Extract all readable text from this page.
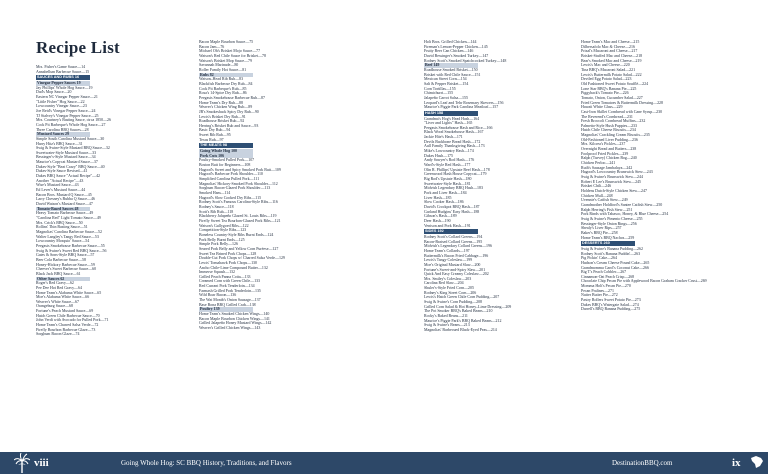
Recipe List
Mrs. Fisher's Game Sauce—14
Annabelhan Barbecue Sauce—15
SAUCES AND RUBS 16
Vinegar Pepper Sauces 19
Jay Phillips' Whole Hog Sauce—19
Dad's Mop Sauce—20
Eastern NC Vinegar Pepper Sauce—21
"Little Fisher" Hog Sauce—22
Lowcountry Vinegar Sauce—23
Joe Reid's Vinegar Pepper Sauce—24
TJ Stalvey's Vinegar Pepper Sauce—25
Mrs. Courtney's Basting Sauce, circa 1850—26
Cock Pit Barbeque's Whole Hog Sauce—27
Three Carolina BBQ Sauces—28
Mustard Sauces 29
Simple South Carolina Mustard Sauce—30
Harry Hitz's BBQ Sauce—31
Swig & Swine-Style Mustard BBQ Sauce—32
Sweetwater-Style Mustard Sauce—33
Bessinger's-Style Mustard Sauce—34
Maurice's Copycat Mustard Sauce—37
Dukes-Style "Beat Crazy" BBQ Sauce—40
Dukes-Style Sauce Revised—41
Dukes BBQ Sauce "Actual Recipe"—42
Another "Actual Recipe"—43
Wise's Mustard Sauce—43
Ed Lever's Mustard Sauce—44
Bacon Bros. Mustard Q Sauce—45
Larry Chesney's Bubba Q Sauce—46
David Watson's Mustard Sauce—47
Tomato-Based Sauces 48
Heavy Tomato Barbecue Sauce—49
"Carolina Red" Light Tomato Sauce—49
Mrs. Crick's BBQ Sauce—50
Rollins' Thin Basting Sauce—51
Magnolias' Carolina Barbecue Sauce—52
Walter Langley's Tangy Red Sauce—53
Lowcountry Mosquio' Sauce—54
Peegasis Smokehouse Barbecue Sauce—55
Swig & Swine's Sweet Red BBQ Sauce—56
Gates & Sons-Style BBQ Sauce—57
Beer Cola Barbecue Sauce—58
Honey-Hickory Barbecue Sauce—59
Cheever's Sweet Barbecue Sauce—60
Black Jack BBQ Sauce—61
Other Sauces 62
Roger's Red Gravy—62
Pee Dee Hot Red Gravy—64
Home Team's Alabama White Sauce—65
Moe's Alabama White Sauce—66
Weaver's White Sauce—67
Orangeburg Sauce—68
Fortune's Peach Mustard Sauce—69
Hatch Green Chile Barbecue Sauce—70
John Verdi with Avocado for Pulled Pork—71
Home Team's Charred Salsa Verde—72
Firefly Bourbon Barbecue Glaze—73
Sorghum Bacon Glaze—74
Bacon Maple Bourbon Sauce—75
Bacon Jam—76
Michael Oh's Brisket Mojo Sauce—77
Watson's Red Chile Sauce for Brisket—78
Watson's Brisket Mop Sauce—79
Savannah Marinade—80
Roller Family Hot Sauce—81
Rubs 82
Watson–Head Rib Rub—83
Blackfish Barbecue Dry Rub—84
Cock Pit Barbeque's Rub—85
Rosa's 14-Spice Dry Rub—86
Peegasis Smokehouse Barbecue Rub—87
Home Team's Dry Rub—88
Weaver's Chicken Wing Rub—89
JB's Smokeshack Spicy Dry Rub—90
Lewis's Brisket Dry Rub—91
Roadhouse Brisket Rub—92
Herring's Brisket Rub and Sauce—93
Basic Dry Rub—94
Sweet Rib Rub—95
Texas Rub—97
THE MEATS 98
Going Whole Hog 100
Pork Cuts 106
Poultry-Smoked Pulled Pork—107
Boston Butt for Beginners—108
Hagood's Sweet and Spicy Smoked Pork Butt—109
Hagood's Barbecue Pork Shoulder—110
Simplified Carolina Pulled Pork—111
Magnolias' Hickory-Smoked Pork Shoulder—112
Sorghum Bacon-Glazed Pork Shoulder—113
Smoked Ham—114
Hagood's Slow Cooked Dry Ribs—115
Rodney Scott's Famous Carolina-Style Ribs—116
Rodney's Sauce—118
Scott's Rib Rub—118
Blackberry Jalapeño Glazed St. Louis Ribs—119
Firefly Sweet Tea Bourbon-Glazed Pork Ribs—121
Watson's Gullygoed Ribs—122
Competition-Style Ribs—123
Boneless Country-Style Ribs Burnt Ends—124
Pork Belly Burnt Ends—125
Simple Pork Belly—126
Seared Pork Belly and Yellow Corn Puréese—127
Sweet Tea Brined Pork Chops—128
Double-Cut Pork Chops w/ Charred Salsa Verde—129
Lewis' Tomahawk Pork Chops—130
Ancho Chile-Lime Compound Butter—132
Immerse Squash—132
Grilled Peach Panna Cotta—133
Creamed Corn with Green Chile—133
Red Currant Pork Tenderloin—134
Farmash Grilled Pork Tenderloin—135
Wild Boar Bacon—136
The Wat Montb's Onion Sausage—137
Base Bona BBQ Grilled Crab—138
Poultry 139
Home Team's Smoked Chicken Wings—140
Bacon Maple Bourbon Chicken Wings—141
Grilled Jalapeño Honey Mustard Wings—142
Weaver's Grilled Chicken Wings—143
Holt Bros. Grilled Chicken—144
Fireman's Lemon-Pepper Chicken—145
Fruity Beer Can Chicken—146
David Bessinger's Smoked Turkey—147
Rodney Scott's Smoked Spatchcocked Turkey—148
Beef 149
Roadhouse Smoked Brisket—150
Brisket with Red Chile Sauce—151
Mexican Street Corn—154
Salt & Pepper Brisket—154
Corn Tortillas—155
Chimichurri—155
Jalapeño Carrot Salsa—155
Leopard's Leaf and Tehr Rosemary Skewers—156
Maurice's Piggie Park Carolina Meatloaf—157
HASH 158
Grandma's Hog's Head Hash—164
"Liver and Lights" Hash—165
Peegasis Smokehouse Hash and Rice—166
Black Wood Smokehouse Hash—167
Jackie Hite's Hash—171
Devils Backbone Bread Hash—172
Aull Family Thanksgiving Hash—173
Mike's Lowcountry Hash—174
Dukes Hash—175
Andy Sawyer's Rod Hash—176
Ward's-Style Red Hash—177
Olin R. Phillips' Upstate Beef Hash—178
Greenwood Hash House Copycat—179
Big Rod's Upstate Hash—180
Sweetwater-Style Hash—181
Midvish Legendary BBQ Hash—183
Pork and Liver Hash—184
Liver Hash—185
Slow Cooker Hash—186
David's Crockpot BBQ Hash—187
Garland Hudgins' Easy Hash—188
Gibson's Hash—189
Deer Hash—190
Venison and Pork Hash—191
SIDES 192
Rodney Scott's Collard Greens—194
Bacon-Braised Collard Greens—195
Midvish's Legendary Collard Greens—196
Home Team's Collards—197
Buttermilk's Bacon Fried Cabbage—196
Lewis's Tangy Coleslaw—199
Moe's Original Mustard Slaw—200
Fortune's Sweet-and-Spicy Slaw—201
Quick And Easy Creamy Coleslaw—202
Mrs. Smiley's Coleslaw—203
Carolina Red Slaw—204
Shuler's-Style Fried Corn—205
Rodney's King Street Corn—206
Lewis's Hatch Green Chile Corn Pudding—207
Swig & Swine's Corn Pudding—208
Grilled Corn Salad & Hot Honey–Lime Dressing—209
The Pot Smoker BBQ's Baked Beans—210
Rocky's Baked Beans—211
Maurice's Piggie Park's BBQ Baked Beans—212
Swig & Swine's Beans—213
Magnolias' Barbecued Black-Eyed Peas—214
Home Team's Mac and Cheese—215
Dilbersafolo Mac & Cheese—216
Prizal's Macaroni and Cheese—217
Brisket-Stuffed Mac and Cheese—218
Bear's Smoked Mac and Cheese—219
Lewis's Mac and Cheese—220
Tina BBQ's Macaroni Salad—221
Lewis's Buttermilk Potato Salad—222
Deviled Egg Potato Salad—223
Old Fashioned Sweet Potato Soufflé—224
Lone Star BBQ's Banana Pie—225
Piggyback's Tomato Pie—226
Tomato, Onion, Cucumber Salad—227
Fried Green Tomatoes & Buttermilk Dressing—228
Hawaii White Glass—229
Cast-Iron Skillet Cornbread with Cane Syrup—230
The Reverend's Cornbread—231
Fresh Broccoli Cornbread Muffins—232
Palmetto-Style Hush Puppies—233
Hatch Chile Cheese Biscuits—234
Magnolias' Crackling Cream Biscuits—235
Old-Fashioned Liver Pudding—236
Mrs. Kilcrea's Pickles—237
Overnight Bread and Butters—238
Foolproof Fried Pickles—239
Ralph (Turvey) Chicken Bog—240
Chicken Perloo—241
Ruth's Sausage Jambalaya—242
Hagood's Lowcountry Brunswick Stew—243
Swig & Swine's Brunswick Stew—244
Robert E Lee's Brunswick Stew—245
Brisket Chili—246
Holdens Dutch-Style Chicken Stew—247
Chicken Mull—248
Uvennie's Catfish Stew—249
Grandmother Holdford's Santee Catfish Stew—250
Ralph Herring's Fish Stew—251
Pork Rinds with Tabasco, Honey, & Blue Cheese—254
Swig & Swine's Pimento Cheese—255
Bessinger-Style Onion Rings—256
Shealy's Liver Rips—257
Baker's BBQ Pie—258
Home Team's BBQ Nachos—259
DESSERTS 260
Swig & Swine's Banana Pudding—262
Rodney Scott's Banana Puddin'—263
Pig Pickin' Cake—264
Hudson's Cream Cheese Pound Cake—265
Grandmomma Carol's Coconut Cake—266
Big T's Peach Cobbler—267
Cinnamon-Oat Peach Crisp—268
Chocolate Chip Pecan Pie with Applewood Bacon Graham Cracker Crust—269
Momma Holt's Pecan Pie—270
Pecan Pralines—271
Nutter Butter Pie—272
Pastry Rollers Sweet Potato Pie—273
Dukes BBQ's Watergate Salad—274
Darrell's BBQ Banana Pudding—275
viii	Going Whole Hog: SC BBQ History, Traditions, and Flavors	DestinationBBQ.com	ix
